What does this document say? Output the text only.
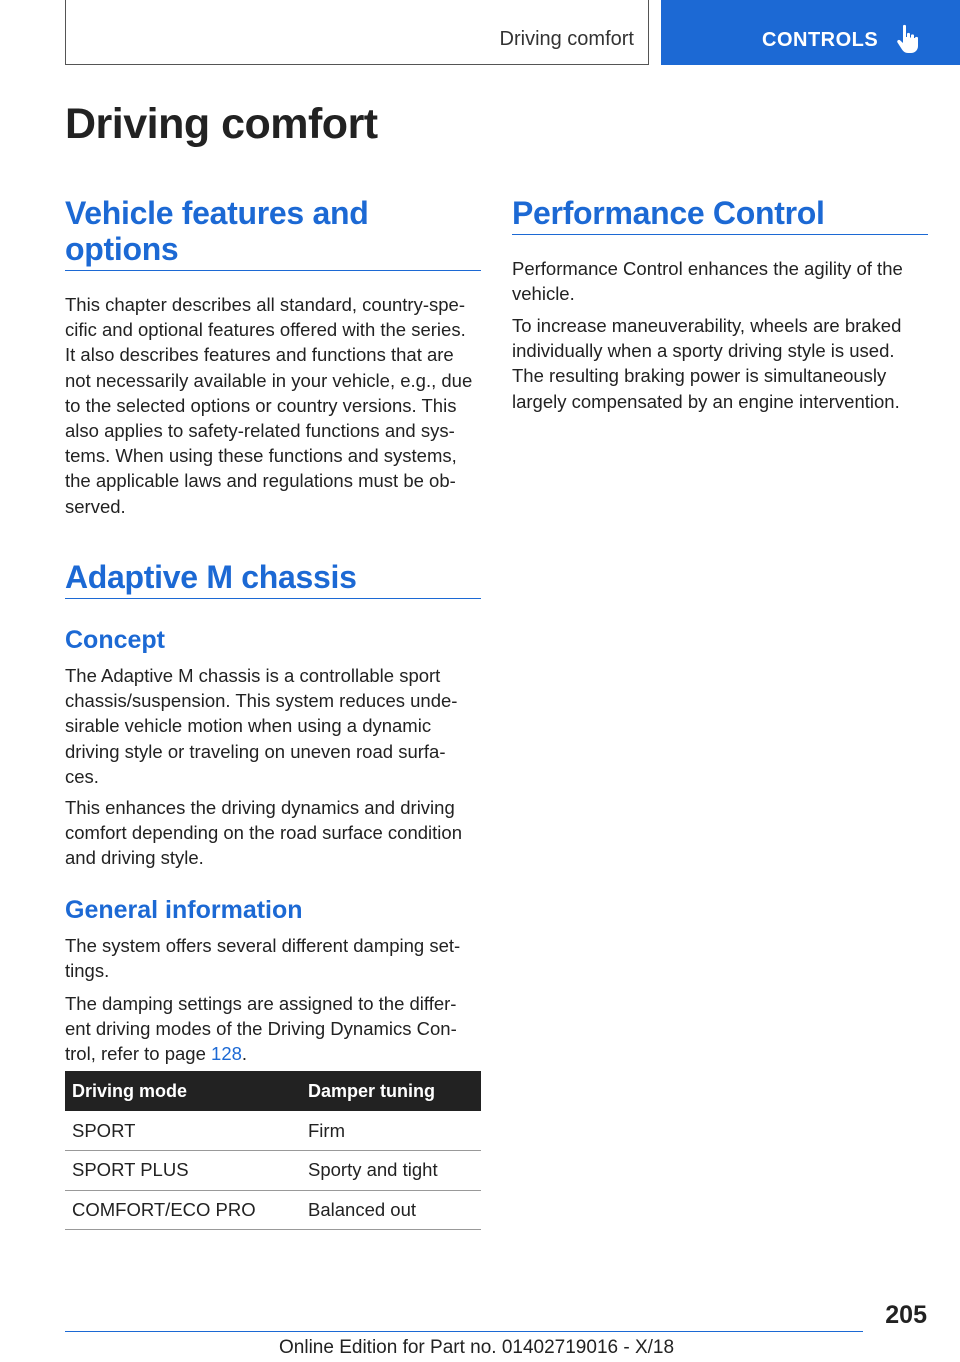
Driving comfort	CONTROLS
Driving comfort
Vehicle features and
options
This chapter describes all standard, country-spe-
cific and optional features offered with the series.
It also describes features and functions that are
not necessarily available in your vehicle, e.g., due
to the selected options or country versions. This
also applies to safety-related functions and sys-
tems. When using these functions and systems,
the applicable laws and regulations must be ob-
served.
Adaptive M chassis
Concept
The Adaptive M chassis is a controllable sport
chassis/suspension. This system reduces unde-
sirable vehicle motion when using a dynamic
driving style or traveling on uneven road surfa-
ces.
This enhances the driving dynamics and driving
comfort depending on the road surface condition
and driving style.
General information
The system offers several different damping set-
tings.
The damping settings are assigned to the differ-
ent driving modes of the Driving Dynamics Con-
trol, refer to page 128.
Driving mode	Damper tuning
SPORT	Firm
SPORT PLUS	Sporty and tight
COMFORT/ECO PRO	Balanced out
Performance Control
Performance Control enhances the agility of the
vehicle.
To increase maneuverability, wheels are braked
individually when a sporty driving style is used.
The resulting braking power is simultaneously
largely compensated by an engine intervention.
205
Online Edition for Part no. 01402719016 - X/18
